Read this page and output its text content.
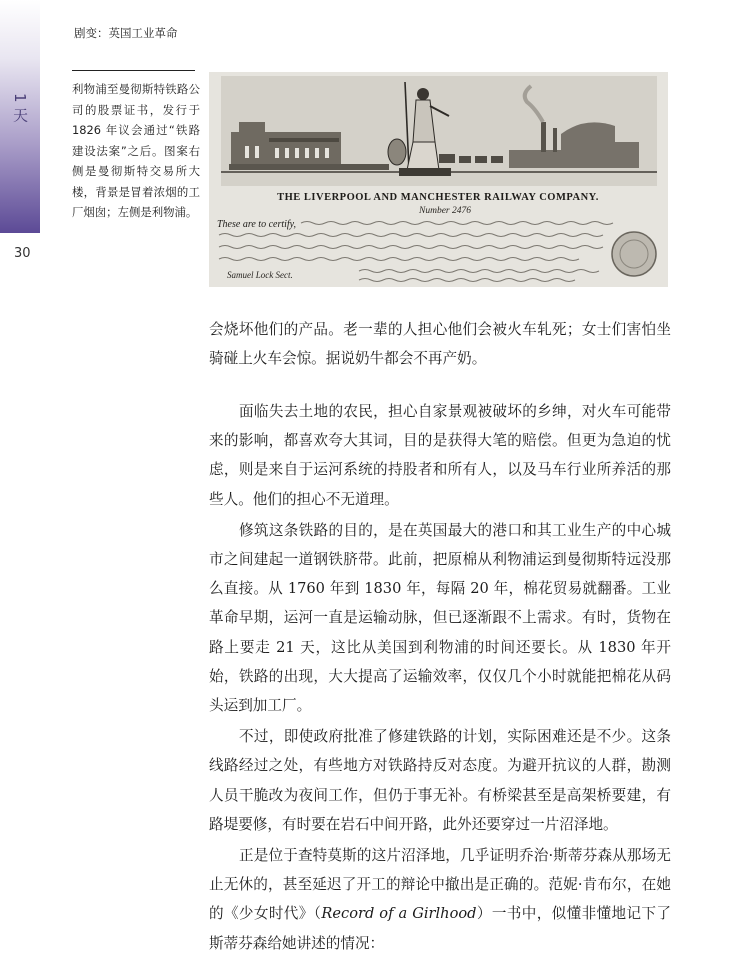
1 天
30
剧变：英国工业革命
利物浦至曼彻斯特铁路公司的股票证书，发行于 1826 年议会通过“铁路建设法案”之后。图案右侧是曼彻斯特交易所大楼，背景是冒着浓烟的工厂烟囱；左侧是利物浦。
THE LIVERPOOL AND MANCHESTER RAILWAY COMPANY.
Number 2476
These are to certify,
Samuel Lock Sect.

会烧坏他们的产品。老一辈的人担心他们会被火车轧死；女士们害怕坐骑碰上火车会惊。据说奶牛都会不再产奶。

面临失去土地的农民，担心自家景观被破坏的乡绅，对火车可能带来的影响，都喜欢夸大其词，目的是获得大笔的赔偿。但更为急迫的忧虑，则是来自于运河系统的持股者和所有人，以及马车行业所养活的那些人。他们的担心不无道理。

修筑这条铁路的目的，是在英国最大的港口和其工业生产的中心城市之间建起一道钢铁脐带。此前，把原棉从利物浦运到曼彻斯特远没那么直接。从 1760 年到 1830 年，每隔 20 年，棉花贸易就翻番。工业革命早期，运河一直是运输动脉，但已逐渐跟不上需求。有时，货物在路上要走 21 天，这比从美国到利物浦的时间还要长。从 1830 年开始，铁路的出现，大大提高了运输效率，仅仅几个小时就能把棉花从码头运到加工厂。

不过，即使政府批准了修建铁路的计划，实际困难还是不少。这条线路经过之处，有些地方对铁路持反对态度。为避开抗议的人群，勘测人员干脆改为夜间工作，但仍于事无补。有桥梁甚至是高架桥要建，有路堤要修，有时要在岩石中间开路，此外还要穿过一片沼泽地。

正是位于查特莫斯的这片沼泽地，几乎证明乔治·斯蒂芬森从那场无止无休的，甚至延迟了开工的辩论中撤出是正确的。范妮·肯布尔，在她的《少女时代》（Record of a Girlhood）一书中，似懂非懂地记下了斯蒂芬森给她讲述的情况：
